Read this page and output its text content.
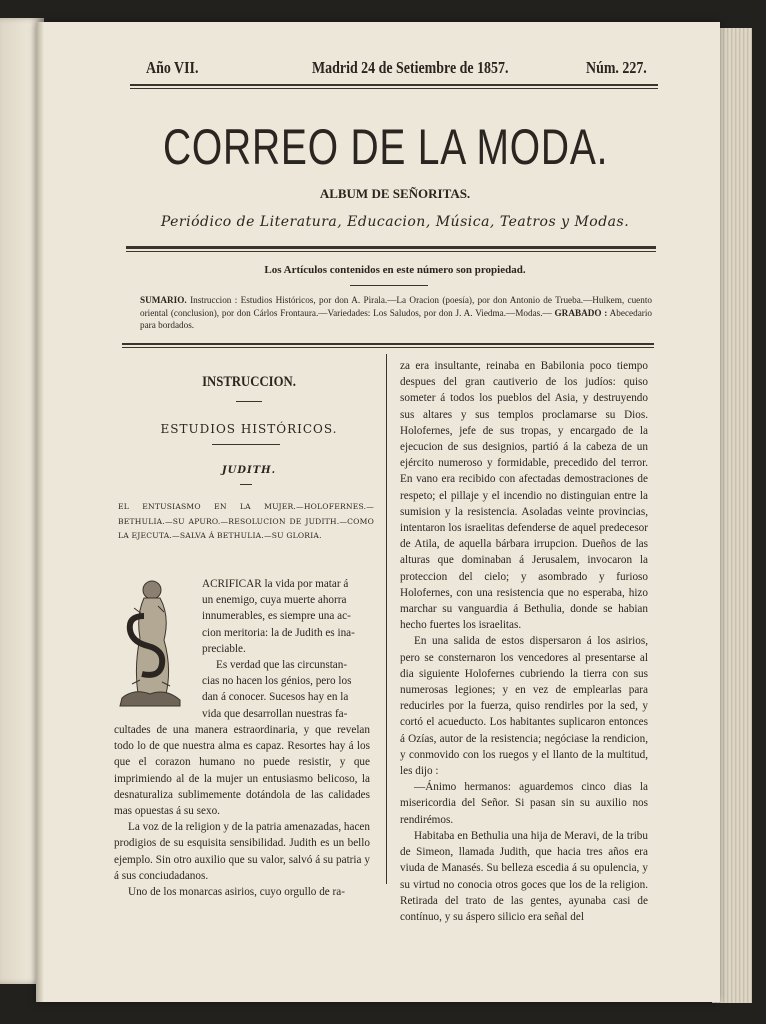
Año VII.	Madrid 24 de Setiembre de 1857.	Núm. 227.
CORREO DE LA MODA.
ALBUM DE SEÑORITAS.
Periódico de Literatura, Educacion, Música, Teatros y Modas.
Los Artículos contenidos en este número son propiedad.
SUMARIO. Instruccion : Estudios Históricos, por don A. Pirala.—La Oracion (poesía), por don Antonio de Trueba.—Hulkem, cuento oriental (conclusion), por don Cárlos Frontaura.—Variedades: Los Saludos, por don J. A. Viedma.—Modas.— GRABADO : Abecedario para bordados.
INSTRUCCION.
ESTUDIOS HISTÓRICOS.
JUDITH.
EL ENTUSIASMO EN LA MUJER.—HOLOFERNES.—BETHULIA.—SU APURO.—RESOLUCION DE JUDITH.—COMO LA EJECUTA.—SALVA Á BETHULIA.—SU GLORIA.

ACRIFICAR la vida por matar á

un enemigo, cuya muerte ahorra

innumerables, es siempre una ac-

cion meritoria: la de Judith es ina-

preciable.

Es verdad que las circunstan-

cias no hacen los génios, pero los

dan á conocer. Sucesos hay en la

vida que desarrollan nuestras fa-

cultades de una manera estraordinaria, y que revelan todo lo de que nuestra alma es capaz. Resortes hay á los que el corazon humano no puede resistir, y que imprimiendo al de la mujer un entusiasmo belicoso, la desnaturaliza sublimemente dotándola de las calidades mas opuestas á su sexo.

La voz de la religion y de la patria amenazadas, hacen prodigios de su esquisita sensibilidad. Judith es un bello ejemplo. Sin otro auxilio que su valor, salvó á su patria y á sus conciudadanos.

Uno de los monarcas asirios, cuyo orgullo de ra-

za era insultante, reinaba en Babilonia poco tiempo despues del gran cautiverio de los judíos: quiso someter á todos los pueblos del Asia, y destruyendo sus altares y sus templos proclamarse su Dios. Holofernes, jefe de sus tropas, y encargado de la ejecucion de sus designios, partió á la cabeza de un ejército numeroso y formidable, precedido del terror. En vano era recibido con afectadas demostraciones de respeto; el pillaje y el incendio no distinguian entre la sumision y la resistencia. Asoladas veinte provincias, intentaron los israelitas defenderse de aquel predecesor de Atila, de aquella bárbara irrupcion. Dueños de las alturas que dominaban á Jerusalem, invocaron la proteccion del cielo; y asombrado y furioso Holofernes, con una resistencia que no esperaba, hizo marchar su vanguardia á Bethulia, donde se habian hecho fuertes los israelitas.

En una salida de estos dispersaron á los asirios, pero se consternaron los vencedores al presentarse al dia siguiente Holofernes cubriendo la tierra con sus numerosas legiones; y en vez de emplearlas para reducirles por la fuerza, quiso rendirles por la sed, y cortó el acueducto. Los habitantes suplicaron entonces á Ozías, autor de la resistencia; negóciase la rendicion, y conmovido con los ruegos y el llanto de la multitud, les dijo :

—Ánimo hermanos: aguardemos cinco dias la misericordia del Señor. Si pasan sin su auxilio nos rendirémos.

Habitaba en Bethulia una hija de Meravi, de la tribu de Simeon, llamada Judith, que hacia tres años era viuda de Manasés. Su belleza escedia á su opulencia, y su virtud no conocia otros goces que los de la religion. Retirada del trato de las gentes, ayunaba casi de contínuo, y su áspero silicio era señal del
